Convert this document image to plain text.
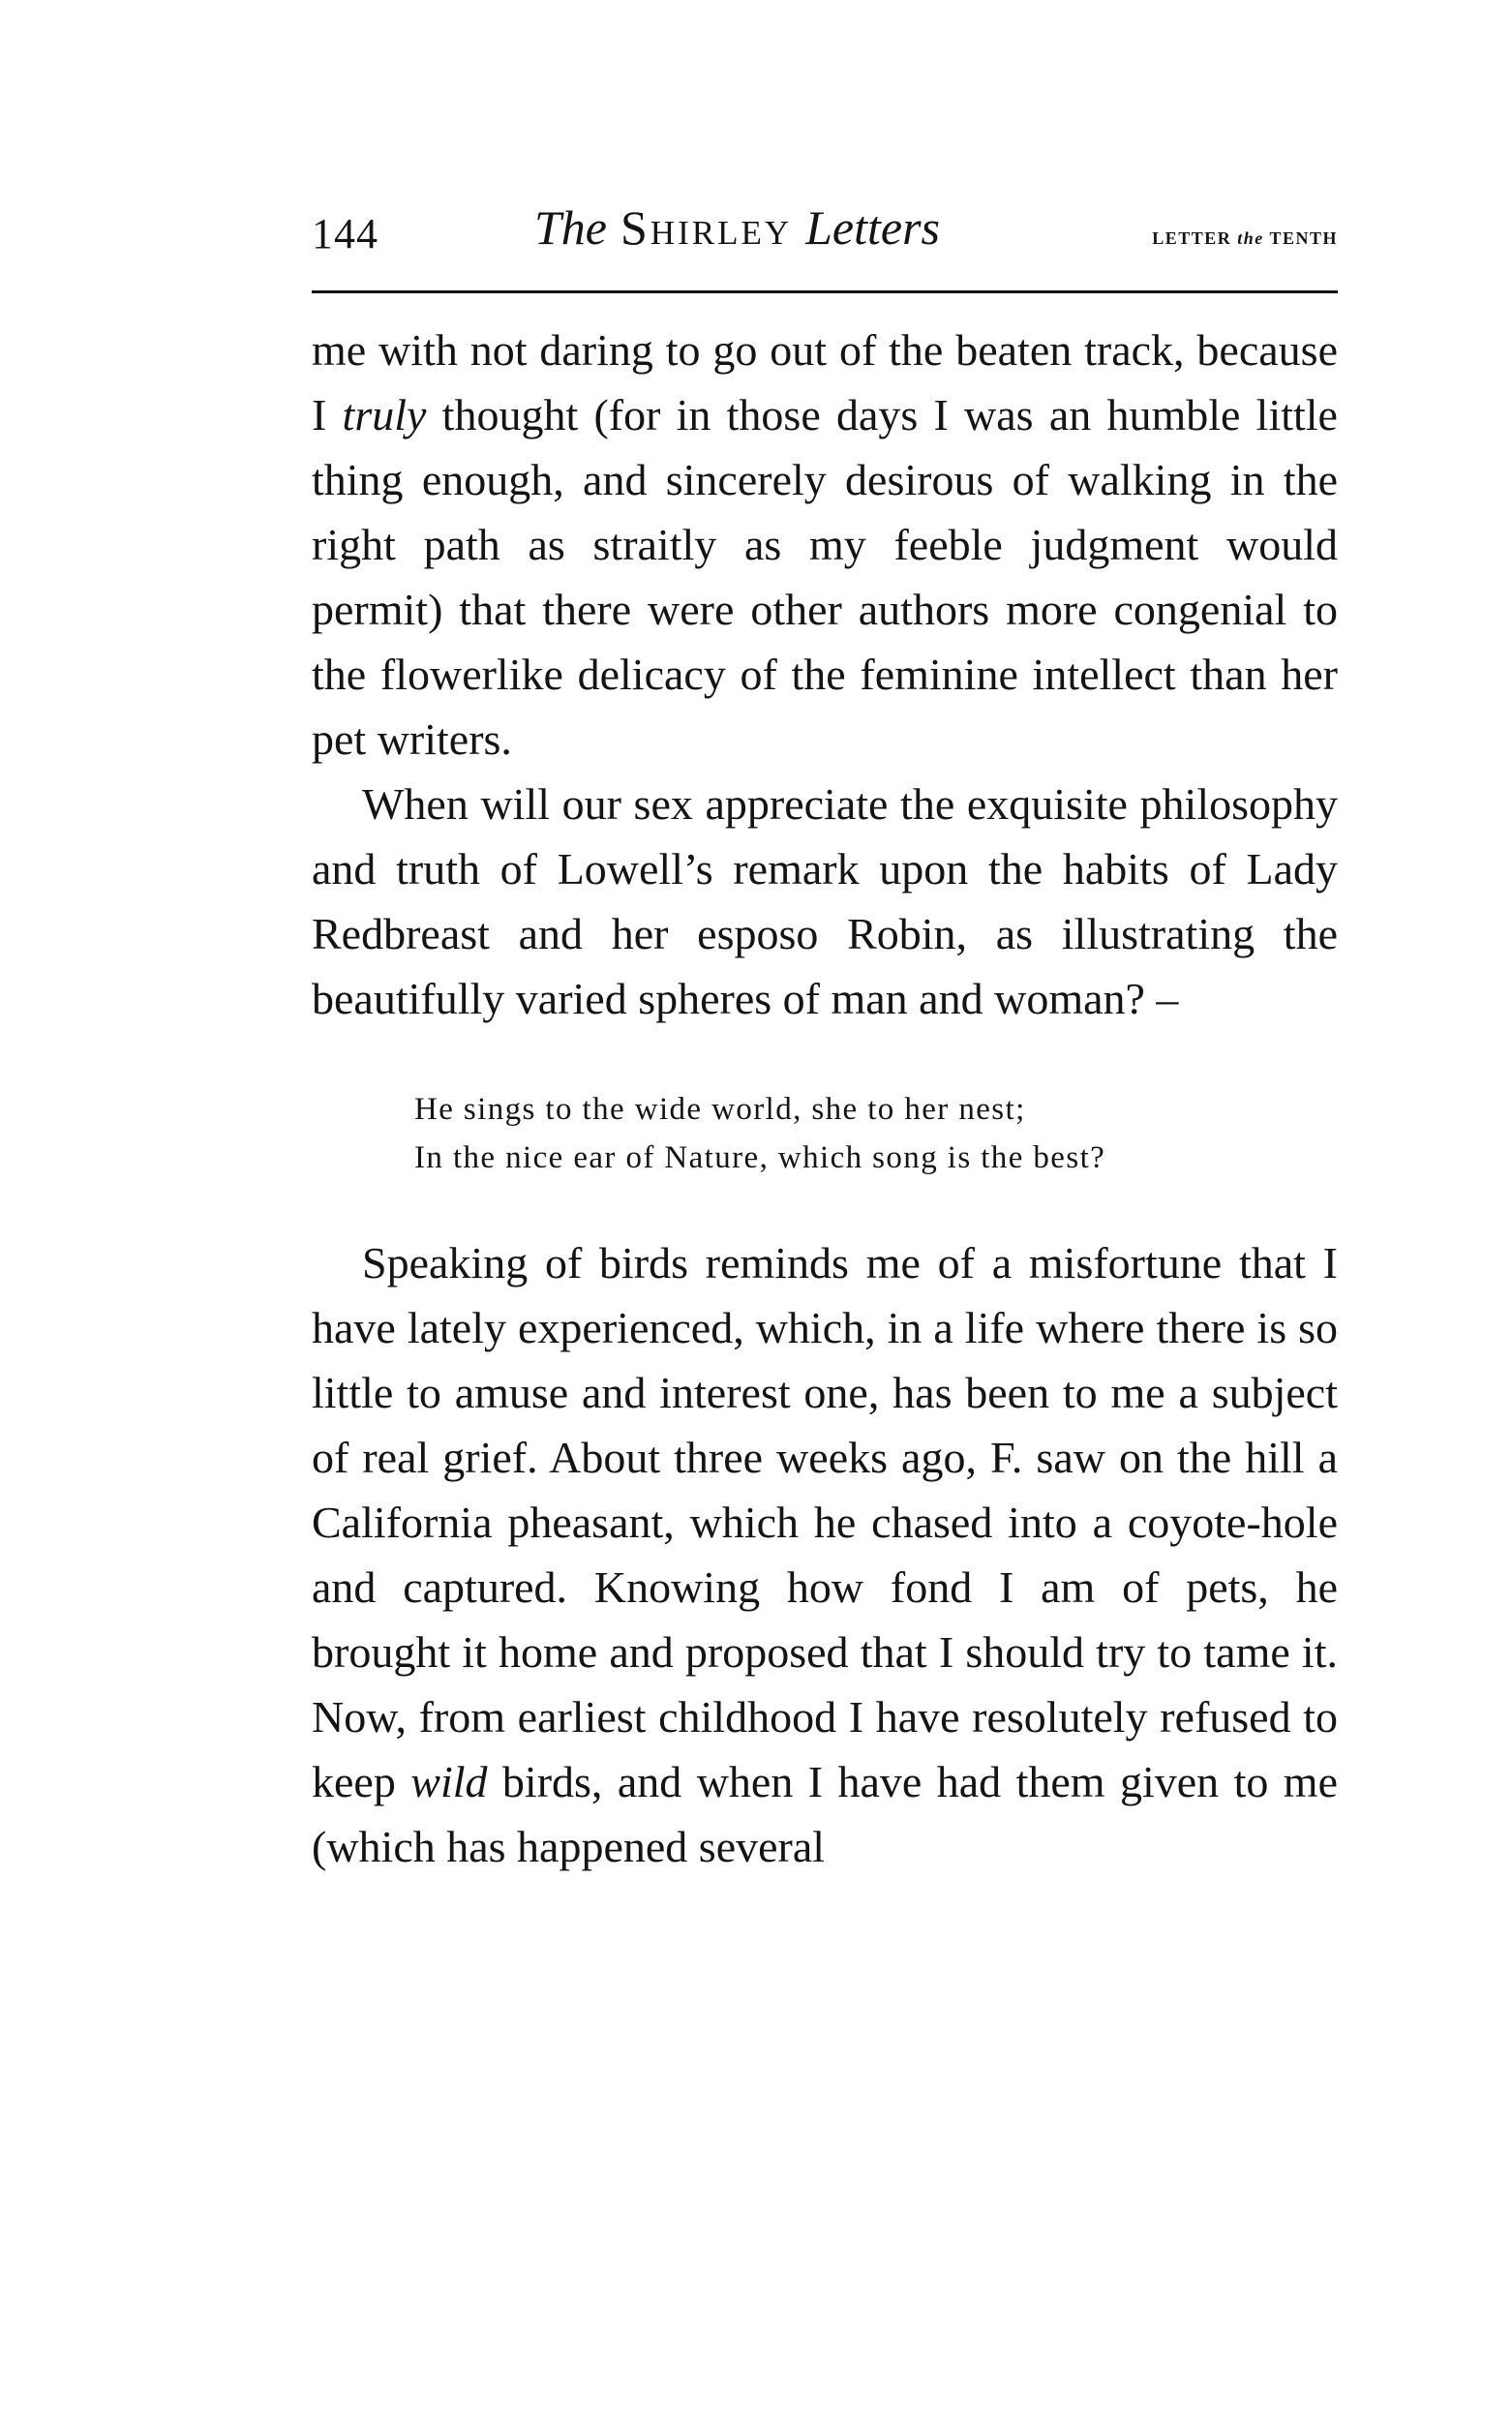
144	The Shirley Letters	LETTER the TENTH

me with not daring to go out of the beaten track, because I truly thought (for in those days I was an humble little thing enough, and sincerely desirous of walking in the right path as straitly as my feeble judgment would permit) that there were other authors more congenial to the flowerlike delicacy of the feminine intellect than her pet writers.

When will our sex appreciate the exquisite philosophy and truth of Lowell’s remark upon the habits of Lady Redbreast and her esposo Robin, as illustrating the beautifully varied spheres of man and woman? –

He sings to the wide world, she to her nest;
In the nice ear of Nature, which song is the best?

Speaking of birds reminds me of a misfortune that I have lately experienced, which, in a life where there is so little to amuse and interest one, has been to me a subject of real grief. About three weeks ago, F. saw on the hill a California pheasant, which he chased into a coyote-hole and captured. Knowing how fond I am of pets, he brought it home and proposed that I should try to tame it. Now, from earliest childhood I have resolutely refused to keep wild birds, and when I have had them given to me (which has happened several
